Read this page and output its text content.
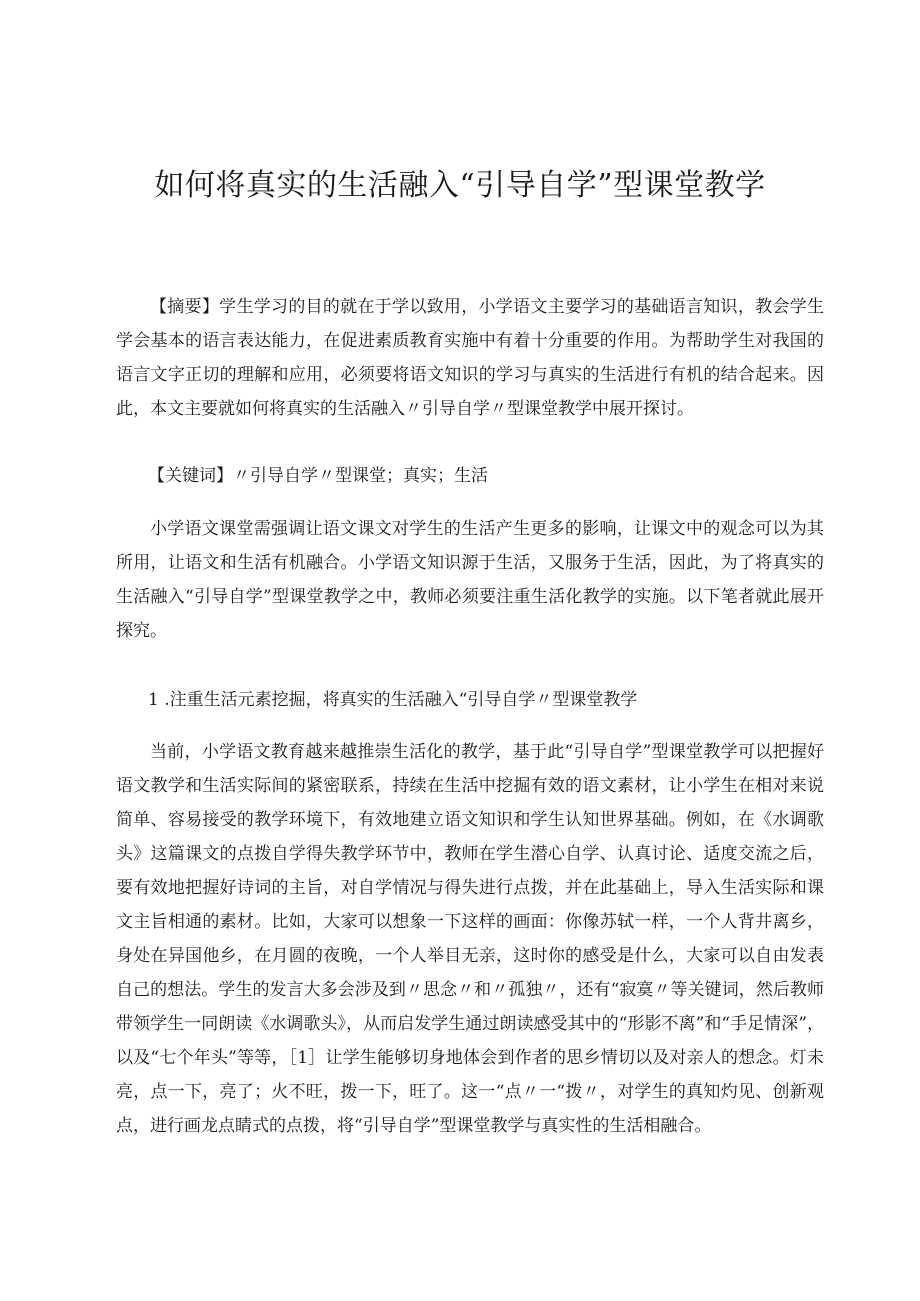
如何将真实的生活融入“引导自学”型课堂教学

【摘要】学生学习的目的就在于学以致用，小学语文主要学习的基础语言知识，教会学生学会基本的语言表达能力，在促进素质教育实施中有着十分重要的作用。为帮助学生对我国的语言文字正切的理解和应用，必须要将语文知识的学习与真实的生活进行有机的结合起来。因此，本文主要就如何将真实的生活融入〃引导自学〃型课堂教学中展开探讨。

【关键词】〃引导自学〃型课堂；真实；生活

小学语文课堂需强调让语文课文对学生的生活产生更多的影响，让课文中的观念可以为其所用，让语文和生活有机融合。小学语文知识源于生活，又服务于生活，因此，为了将真实的生活融入“引导自学”型课堂教学之中，教师必须要注重生活化教学的实施。以下笔者就此展开探究。

1 .注重生活元素挖掘，将真实的生活融入“引导自学〃型课堂教学

当前，小学语文教育越来越推崇生活化的教学，基于此“引导自学”型课堂教学可以把握好语文教学和生活实际间的紧密联系，持续在生活中挖掘有效的语文素材，让小学生在相对来说简单、容易接受的教学环境下，有效地建立语文知识和学生认知世界基础。例如，在《水调歌头》这篇课文的点拨自学得失教学环节中，教师在学生潜心自学、认真讨论、适度交流之后，要有效地把握好诗词的主旨，对自学情况与得失进行点拨，并在此基础上，导入生活实际和课文主旨相通的素材。比如，大家可以想象一下这样的画面：你像苏轼一样，一个人背井离乡，身处在异国他乡，在月圆的夜晚，一个人举目无亲，这时你的感受是什么，大家可以自由发表自己的想法。学生的发言大多会涉及到〃思念〃和〃孤独〃，还有“寂寞〃等关键词，然后教师带领学生一同朗读《水调歌头》，从而启发学生通过朗读感受其中的“形影不离”和“手足情深”，以及“七个年头”等等，［1］让学生能够切身地体会到作者的思乡情切以及对亲人的想念。灯未亮，点一下，亮了；火不旺，拨一下，旺了。这一“点〃一“拨〃，对学生的真知灼见、创新观点，进行画龙点睛式的点拨，将“引导自学”型课堂教学与真实性的生活相融合。
